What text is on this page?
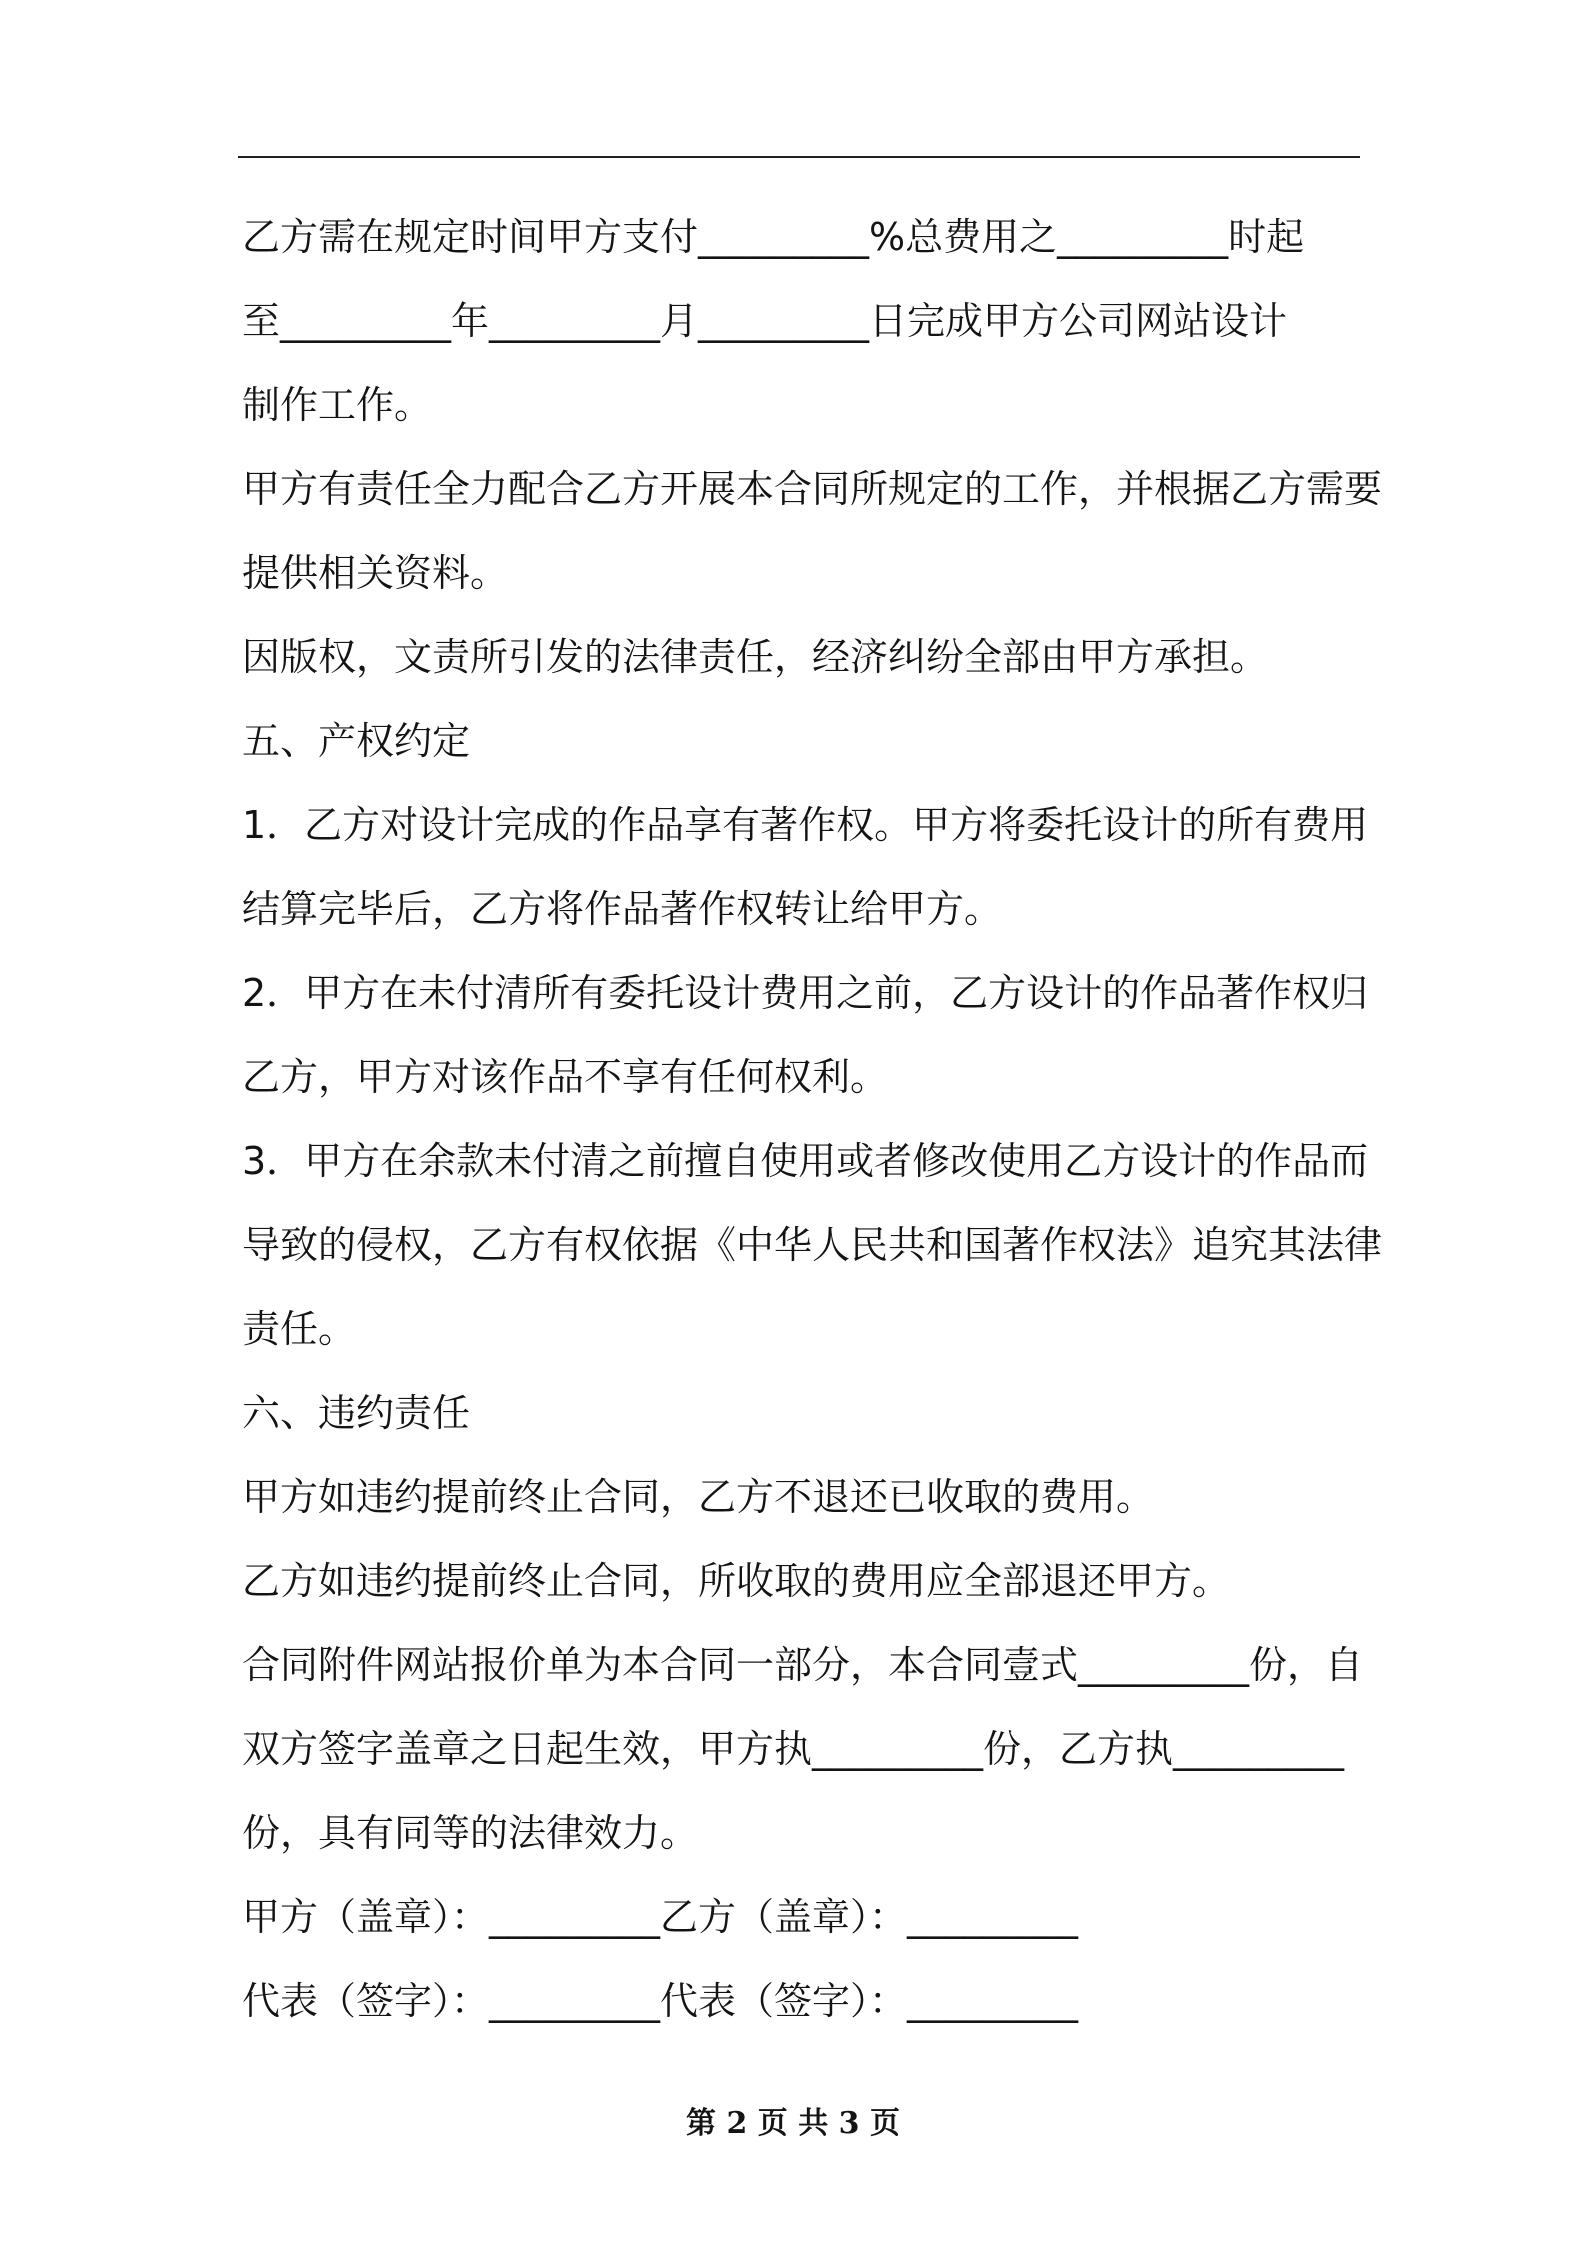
乙方需在规定时间甲方支付_________%总费用之_________时起
至_________年_________月_________日完成甲方公司网站设计
制作工作。
甲方有责任全力配合乙方开展本合同所规定的工作，并根据乙方需要
提供相关资料。
因版权，文责所引发的法律责任，经济纠纷全部由甲方承担。
五、产权约定
1．乙方对设计完成的作品享有著作权。甲方将委托设计的所有费用
结算完毕后，乙方将作品著作权转让给甲方。
2．甲方在未付清所有委托设计费用之前，乙方设计的作品著作权归
乙方，甲方对该作品不享有任何权利。
3．甲方在余款未付清之前擅自使用或者修改使用乙方设计的作品而
导致的侵权，乙方有权依据《中华人民共和国著作权法》追究其法律
责任。
六、违约责任
甲方如违约提前终止合同，乙方不退还已收取的费用。
乙方如违约提前终止合同，所收取的费用应全部退还甲方。
合同附件网站报价单为本合同一部分，本合同壹式_________份，自
双方签字盖章之日起生效，甲方执_________份，乙方执_________
份，具有同等的法律效力。
甲方（盖章）：_________乙方（盖章）：_________
代表（签字）：_________代表（签字）：_________
第 2 页 共 3 页
